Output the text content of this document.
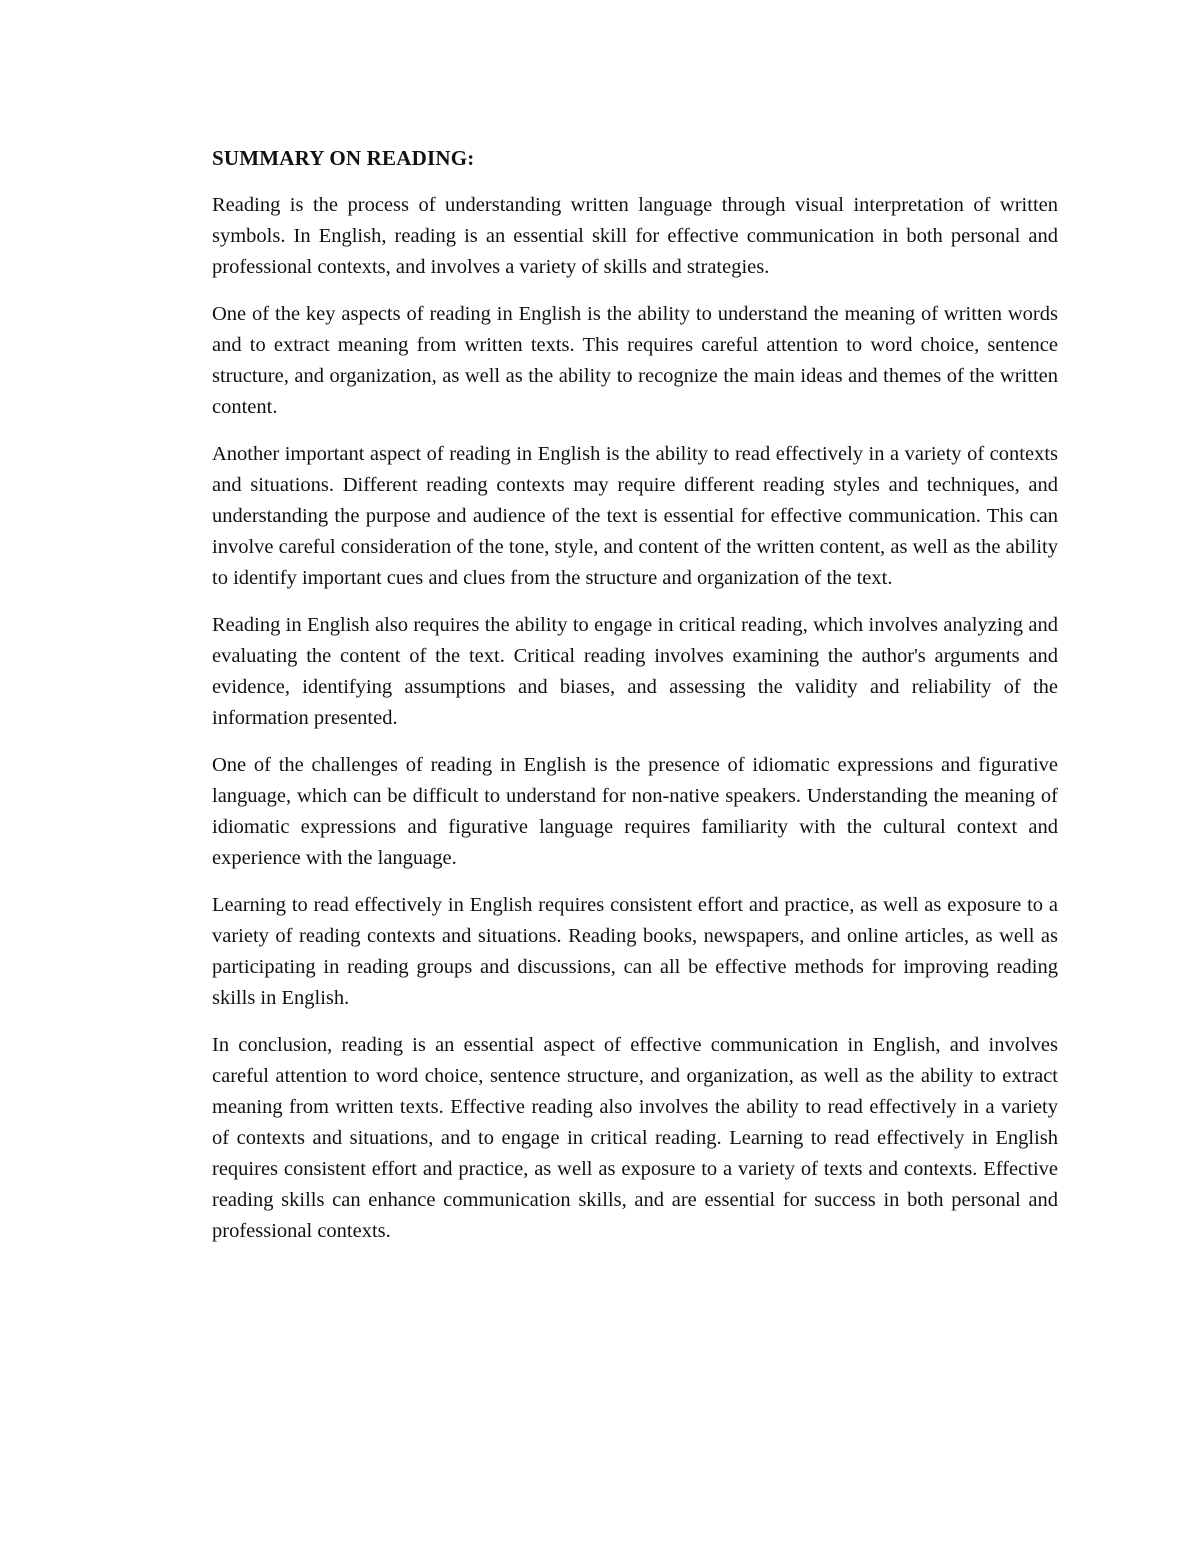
SUMMARY ON READING:

Reading is the process of understanding written language through visual interpretation of written symbols. In English, reading is an essential skill for effective communication in both personal and professional contexts, and involves a variety of skills and strategies.

One of the key aspects of reading in English is the ability to understand the meaning of written words and to extract meaning from written texts. This requires careful attention to word choice, sentence structure, and organization, as well as the ability to recognize the main ideas and themes of the written content.

Another important aspect of reading in English is the ability to read effectively in a variety of contexts and situations. Different reading contexts may require different reading styles and techniques, and understanding the purpose and audience of the text is essential for effective communication. This can involve careful consideration of the tone, style, and content of the written content, as well as the ability to identify important cues and clues from the structure and organization of the text.

Reading in English also requires the ability to engage in critical reading, which involves analyzing and evaluating the content of the text. Critical reading involves examining the author's arguments and evidence, identifying assumptions and biases, and assessing the validity and reliability of the information presented.

One of the challenges of reading in English is the presence of idiomatic expressions and figurative language, which can be difficult to understand for non-native speakers. Understanding the meaning of idiomatic expressions and figurative language requires familiarity with the cultural context and experience with the language.

Learning to read effectively in English requires consistent effort and practice, as well as exposure to a variety of reading contexts and situations. Reading books, newspapers, and online articles, as well as participating in reading groups and discussions, can all be effective methods for improving reading skills in English.

In conclusion, reading is an essential aspect of effective communication in English, and involves careful attention to word choice, sentence structure, and organization, as well as the ability to extract meaning from written texts. Effective reading also involves the ability to read effectively in a variety of contexts and situations, and to engage in critical reading. Learning to read effectively in English requires consistent effort and practice, as well as exposure to a variety of texts and contexts. Effective reading skills can enhance communication skills, and are essential for success in both personal and professional contexts.
